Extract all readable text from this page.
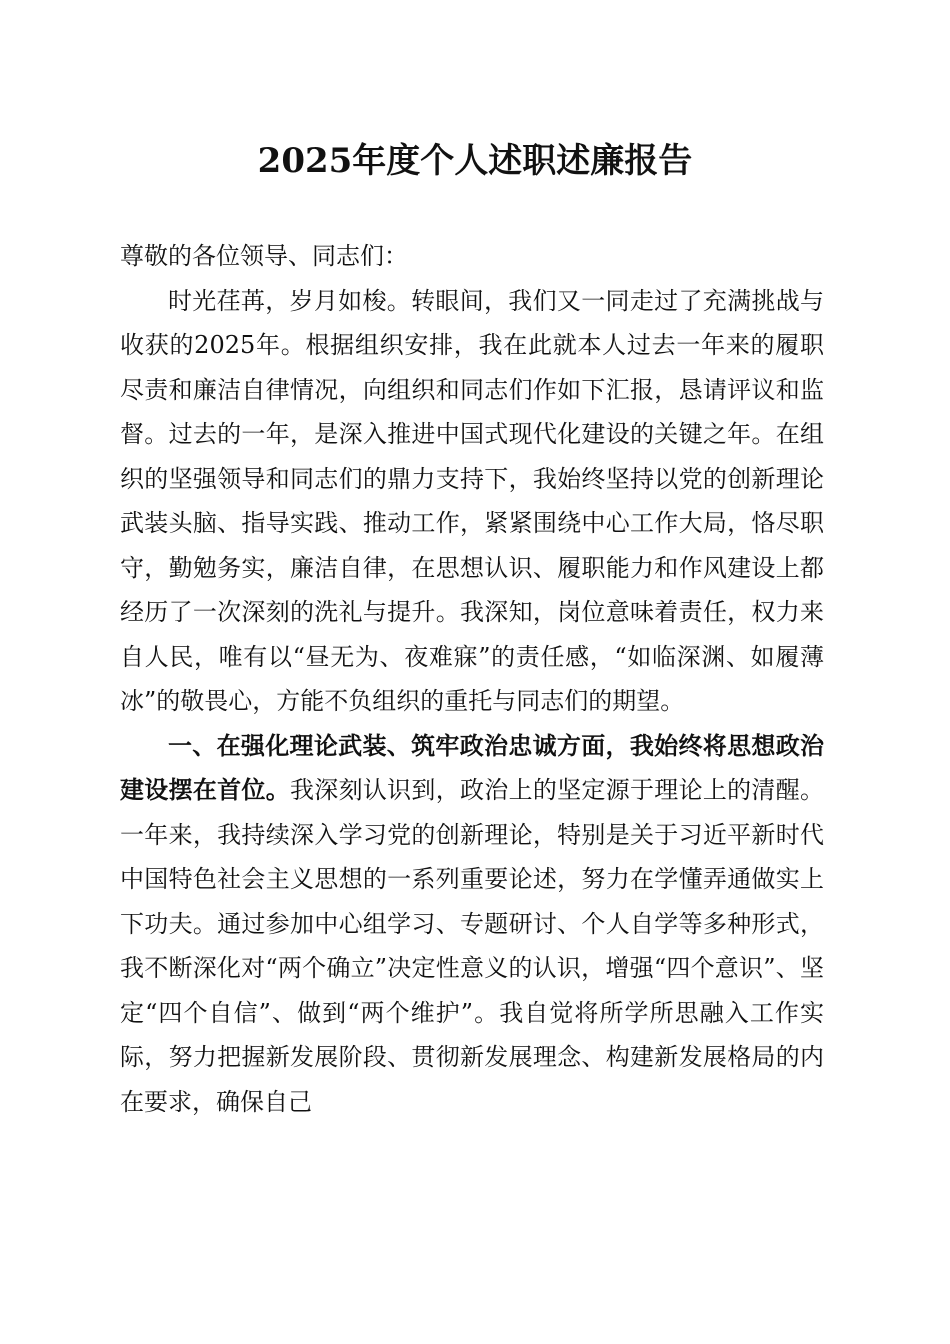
2025年度个人述职述廉报告

尊敬的各位领导、同志们：

时光荏苒，岁月如梭。转眼间，我们又一同走过了充满挑战与收获的2025年。根据组织安排，我在此就本人过去一年来的履职尽责和廉洁自律情况，向组织和同志们作如下汇报，恳请评议和监督。过去的一年，是深入推进中国式现代化建设的关键之年。在组织的坚强领导和同志们的鼎力支持下，我始终坚持以党的创新理论武装头脑、指导实践、推动工作，紧紧围绕中心工作大局，恪尽职守，勤勉务实，廉洁自律，在思想认识、履职能力和作风建设上都经历了一次深刻的洗礼与提升。我深知，岗位意味着责任，权力来自人民，唯有以“昼无为、夜难寐”的责任感，“如临深渊、如履薄冰”的敬畏心，方能不负组织的重托与同志们的期望。

一、在强化理论武装、筑牢政治忠诚方面，我始终将思想政治建设摆在首位。我深刻认识到，政治上的坚定源于理论上的清醒。一年来，我持续深入学习党的创新理论，特别是关于习近平新时代中国特色社会主义思想的一系列重要论述，努力在学懂弄通做实上下功夫。通过参加中心组学习、专题研讨、个人自学等多种形式，我不断深化对“两个确立”决定性意义的认识，增强“四个意识”、坚定“四个自信”、做到“两个维护”。我自觉将所学所思融入工作实际，努力把握新发展阶段、贯彻新发展理念、构建新发展格局的内在要求，确保自己
